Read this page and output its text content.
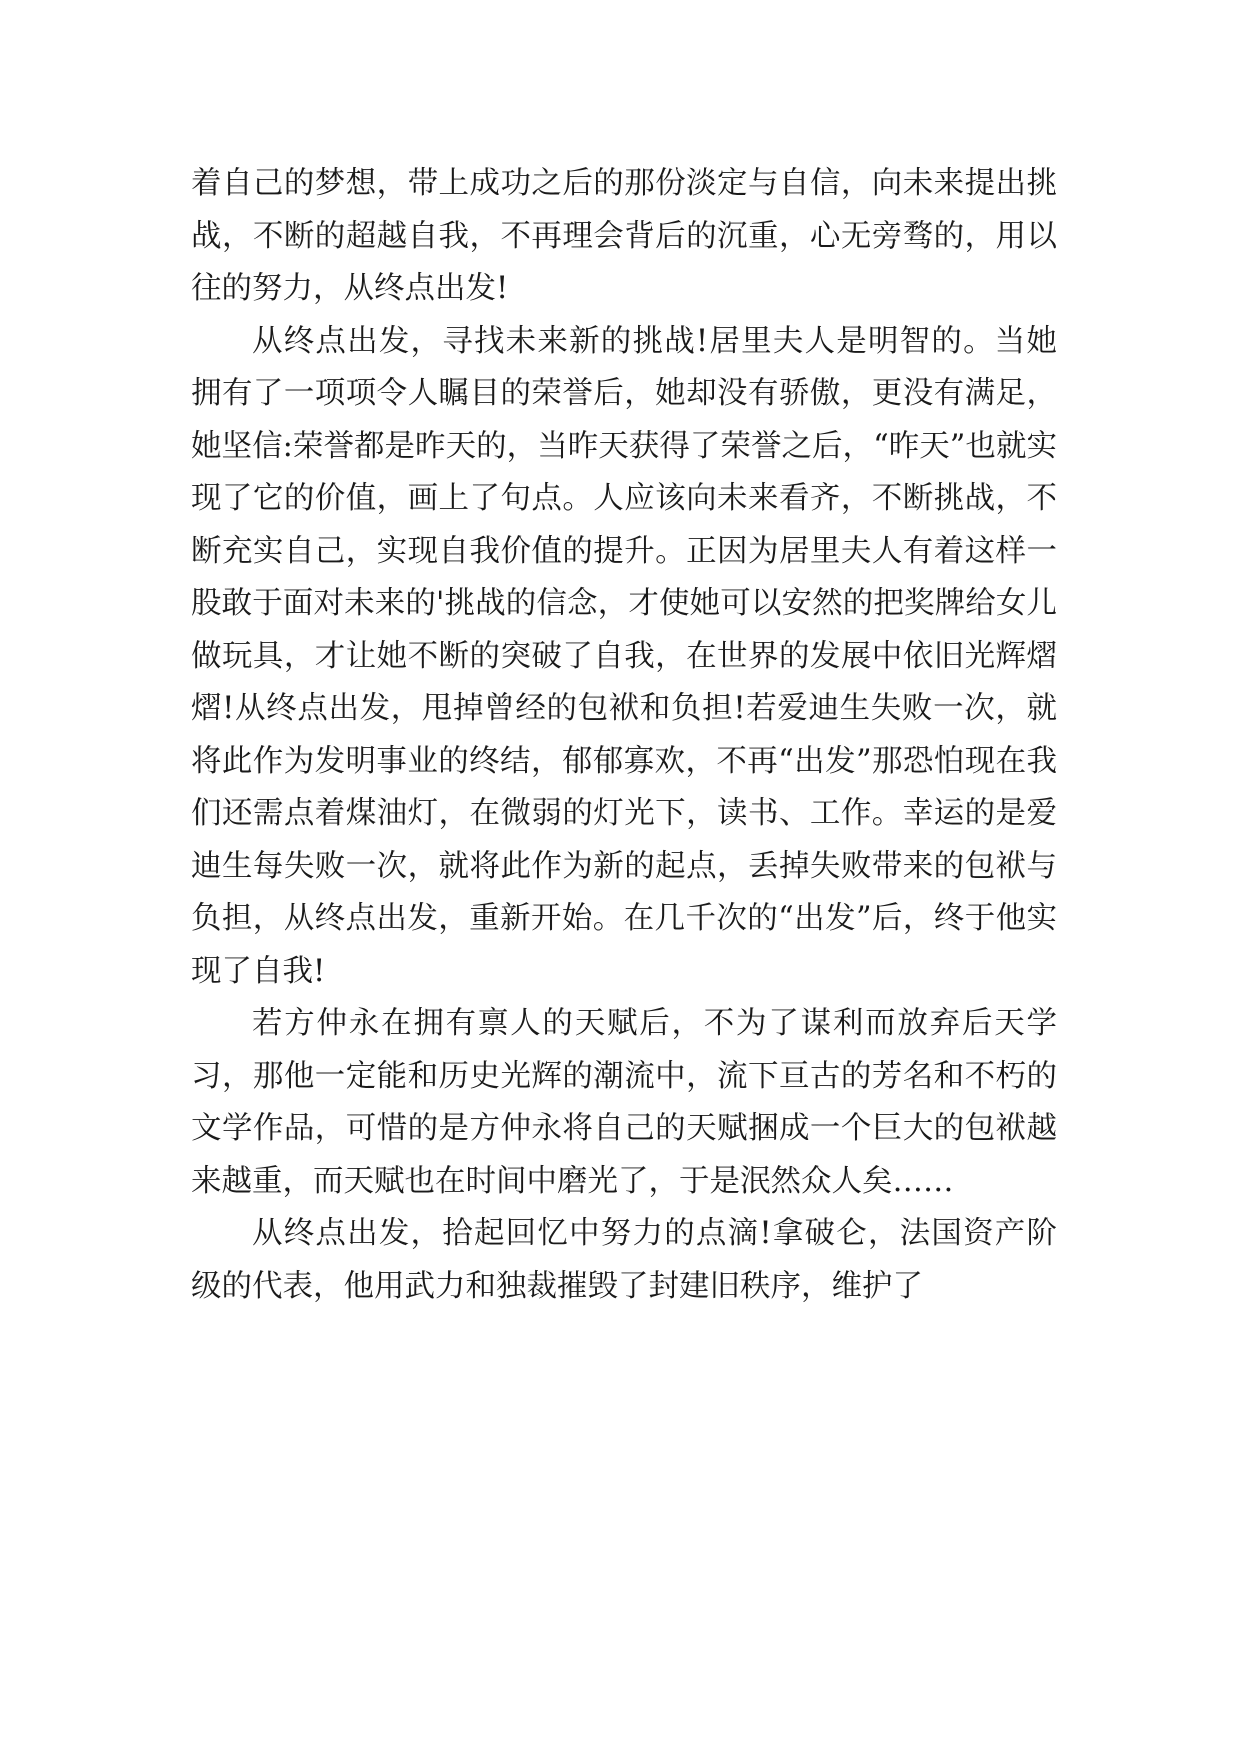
着自己的梦想，带上成功之后的那份淡定与自信，向未来提出挑战，不断的超越自我，不再理会背后的沉重，心无旁骛的，用以往的努力，从终点出发!

从终点出发，寻找未来新的挑战!居里夫人是明智的。当她拥有了一项项令人瞩目的荣誉后，她却没有骄傲，更没有满足，她坚信:荣誉都是昨天的，当昨天获得了荣誉之后，“昨天”也就实现了它的价值，画上了句点。人应该向未来看齐，不断挑战，不断充实自己，实现自我价值的提升。正因为居里夫人有着这样一股敢于面对未来的'挑战的信念，才使她可以安然的把奖牌给女儿做玩具，才让她不断的突破了自我，在世界的发展中依旧光辉熠熠!从终点出发，甩掉曾经的包袱和负担!若爱迪生失败一次，就将此作为发明事业的终结，郁郁寡欢，不再“出发”那恐怕现在我们还需点着煤油灯，在微弱的灯光下，读书、工作。幸运的是爱迪生每失败一次，就将此作为新的起点，丢掉失败带来的包袱与负担，从终点出发，重新开始。在几千次的“出发”后，终于他实现了自我!

若方仲永在拥有禀人的天赋后，不为了谋利而放弃后天学习，那他一定能和历史光辉的潮流中，流下亘古的芳名和不朽的文学作品，可惜的是方仲永将自己的天赋捆成一个巨大的包袱越来越重，而天赋也在时间中磨光了，于是泯然众人矣……

从终点出发，拾起回忆中努力的点滴!拿破仑，法国资产阶级的代表，他用武力和独裁摧毁了封建旧秩序，维护了
